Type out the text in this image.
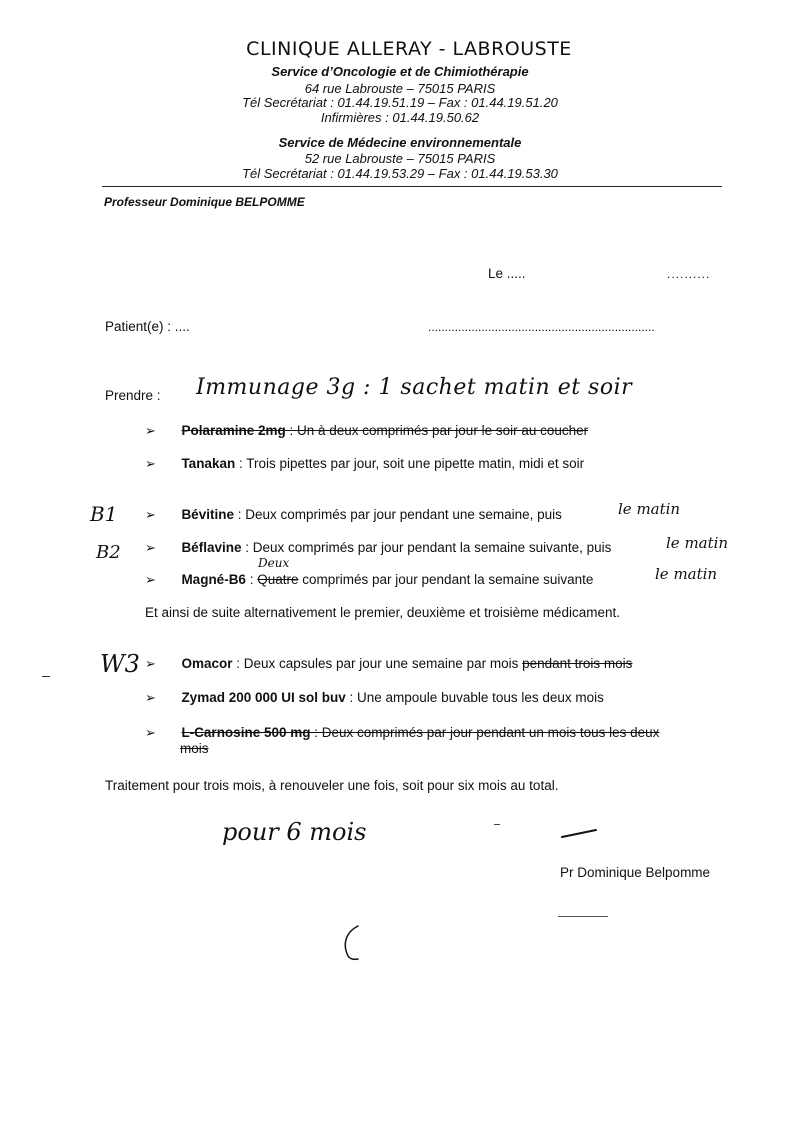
CLINIQUE ALLERAY - LABROUSTE
Service d’Oncologie et de Chimiothérapie
64 rue Labrouste – 75015 PARIS
Tél Secrétariat : 01.44.19.51.19 – Fax : 01.44.19.51.20
Infirmières : 01.44.19.50.62
Service de Médecine environnementale
52 rue Labrouste – 75015 PARIS
Tél Secrétariat : 01.44.19.53.29 – Fax : 01.44.19.53.30
Professeur Dominique BELPOMME
Le .....	..........
Patient(e) : ....	....................................................................
Prendre : Immunage 3g : 1 sachet matin et soir
➢ Polaramine 2mg : Un à deux comprimés par jour le soir au coucher
➢ Tanakan : Trois pipettes par jour, soit une pipette matin, midi et soir
B1
B2
➢ Bévitine : Deux comprimés par jour pendant une semaine, puis	le matin
➢ Béflavine : Deux comprimés par jour pendant la semaine suivante, puis	le matin
Deux
➢ Magné-B6 : Quatre comprimés par jour pendant la semaine suivante	le matin
Et ainsi de suite alternativement le premier, deuxième et troisième médicament.
W3 ➢ Omacor : Deux capsules par jour une semaine par mois pendant trois mois
➢ Zymad 200 000 UI sol buv : Une ampoule buvable tous les deux mois
➢ L-Carnosine 500 mg : Deux comprimés par jour pendant un mois tous les deux
mois
Traitement pour trois mois, à renouveler une fois, soit pour six mois au total.
pour 6 mois
Pr Dominique Belpomme
